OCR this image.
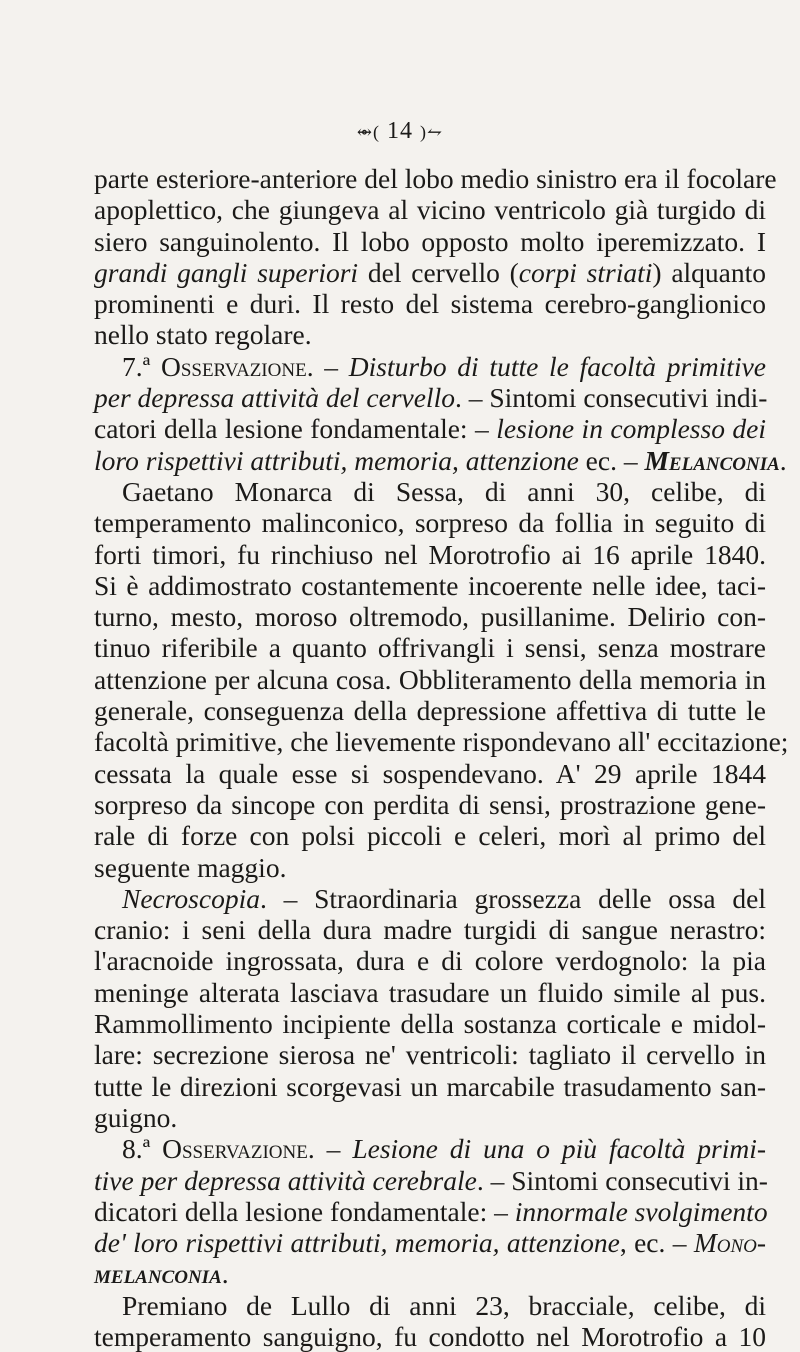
⥈( 14 )⥊
parte esteriore-anteriore del lobo medio sinistro era il focolare
apoplettico, che giungeva al vicino ventricolo già turgido di
siero sanguinolento. Il lobo opposto molto iperemizzato. I
grandi gangli superiori del cervello (corpi striati) alquanto
prominenti e duri. Il resto del sistema cerebro-ganglionico
nello stato regolare.
7.ª Osservazione. – Disturbo di tutte le facoltà primitive
per depressa attività del cervello. – Sintomi consecutivi indi-
catori della lesione fondamentale: – lesione in complesso dei
loro rispettivi attributi, memoria, attenzione ec. – Melanconia.
Gaetano Monarca di Sessa, di anni 30, celibe, di
temperamento malinconico, sorpreso da follia in seguito di
forti timori, fu rinchiuso nel Morotrofio ai 16 aprile 1840.
Si è addimostrato costantemente incoerente nelle idee, taci-
turno, mesto, moroso oltremodo, pusillanime. Delirio con-
tinuo riferibile a quanto offrivangli i sensi, senza mostrare
attenzione per alcuna cosa. Obbliteramento della memoria in
generale, conseguenza della depressione affettiva di tutte le
facoltà primitive, che lievemente rispondevano all' eccitazione;
cessata la quale esse si sospendevano. A' 29 aprile 1844
sorpreso da sincope con perdita di sensi, prostrazione gene-
rale di forze con polsi piccoli e celeri, morì al primo del
seguente maggio.
Necroscopia. – Straordinaria grossezza delle ossa del
cranio: i seni della dura madre turgidi di sangue nerastro:
l'aracnoide ingrossata, dura e di colore verdognolo: la pia
meninge alterata lasciava trasudare un fluido simile al pus.
Rammollimento incipiente della sostanza corticale e midol-
lare: secrezione sierosa ne' ventricoli: tagliato il cervello in
tutte le direzioni scorgevasi un marcabile trasudamento san-
guigno.
8.ª Osservazione. – Lesione di una o più facoltà primi-
tive per depressa attività cerebrale. – Sintomi consecutivi in-
dicatori della lesione fondamentale: – innormale svolgimento
de' loro rispettivi attributi, memoria, attenzione, ec. – Mono-
melanconia.
Premiano de Lullo di anni 23, bracciale, celibe, di
temperamento sanguigno, fu condotto nel Morotrofio a 10
